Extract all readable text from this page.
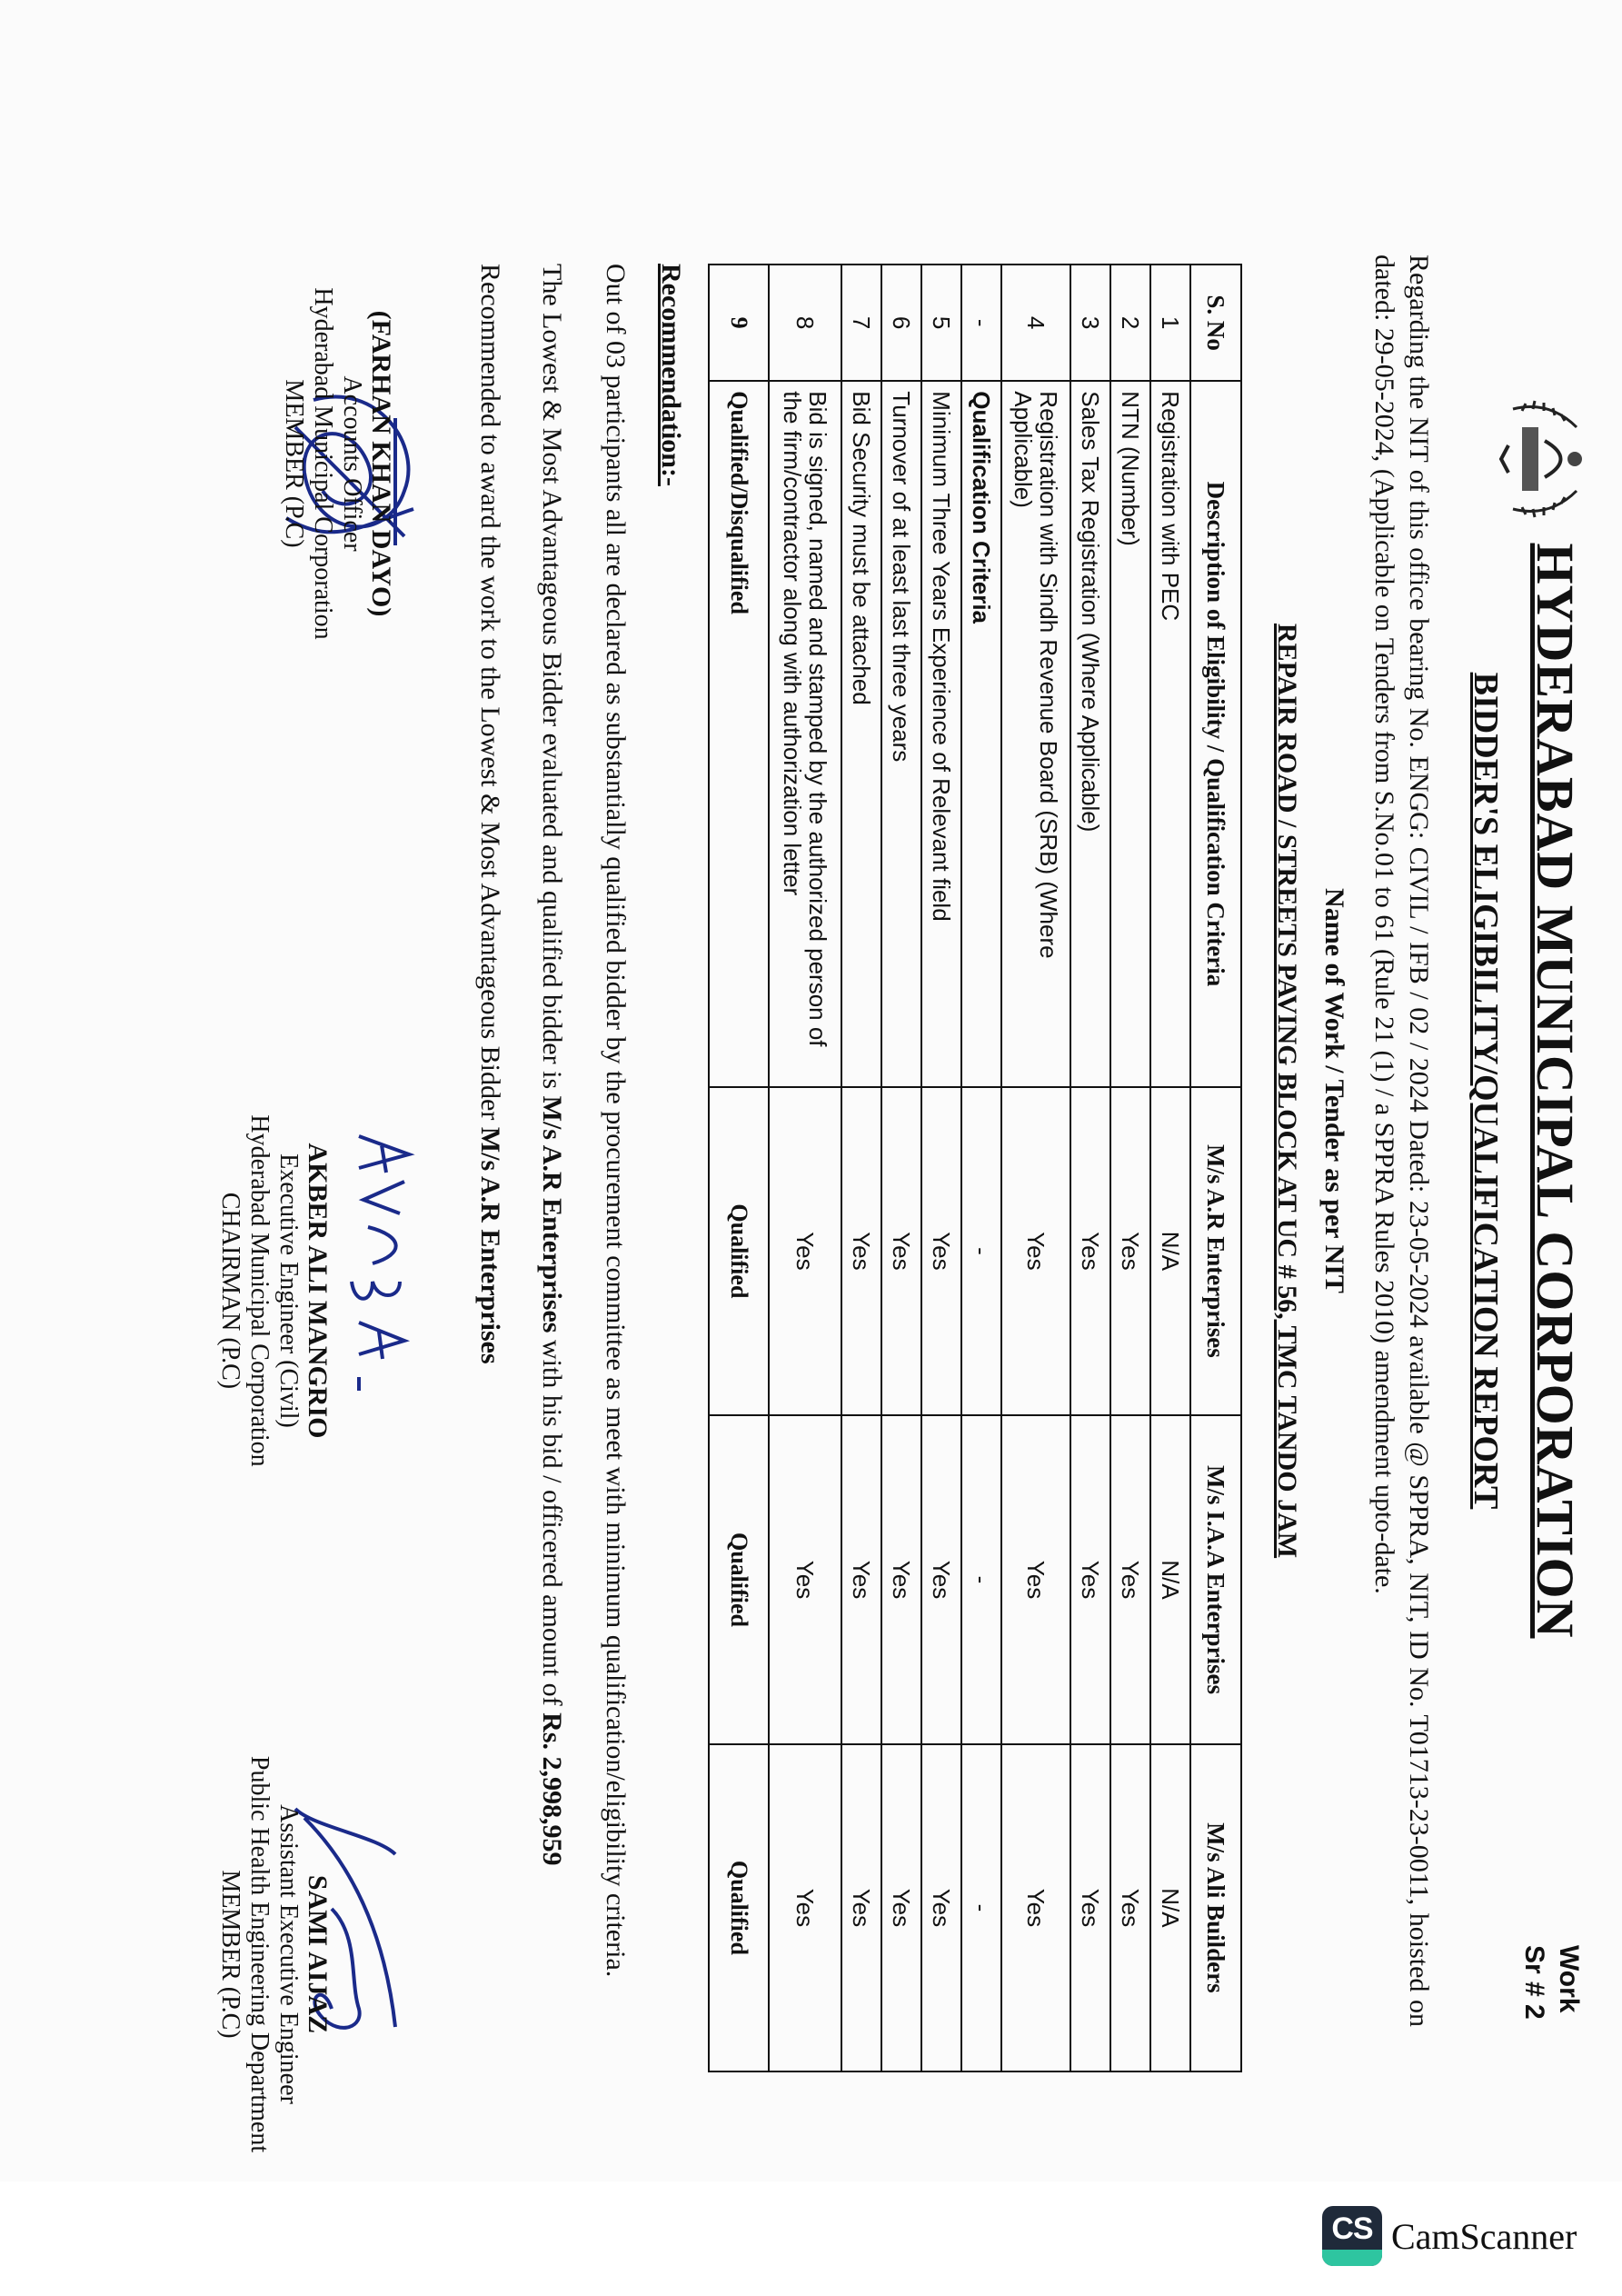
HYDERABAD MUNICIPAL CORPORATION
BIDDER'S ELIGIBILITY/QUALIFICATION REPORT
Work
Sr # 2
Regarding the NIT of this office bearing No. ENGG: CIVIL / IFB / 02 / 2024 Dated: 23-05-2024 available @ SPPRA, NIT, ID No. T01713-23-0011, hoisted on dated: 29-05-2024, (Applicable on Tenders from S.No.01 to 61 (Rule 21 (1) / a SPPRA Rules 2010) amendment upto-date.
Name of Work / Tender as per NIT
REPAIR ROAD / STREETS PAVING BLOCK AT UC # 56, TMC TANDO JAM
S. No	Description of Eligibility / Qualification Criteria	M/s A.R Enterprises	M/s I.A.A Enterprises	M/s Ali Builders
1	Registration with PEC	N/A	N/A	N/A
2	NTN (Number)	Yes	Yes	Yes
3	Sales Tax Registration (Where Applicable)	Yes	Yes	Yes
4	Registration with Sindh Revenue Board (SRB) (Where Applicable)	Yes	Yes	Yes
-	Qualification Criteria	-	-	-
5	Minimum Three Years Experience of Relevant field	Yes	Yes	Yes
6	Turnover of at least last three years	Yes	Yes	Yes
7	Bid Security must be attached	Yes	Yes	Yes
8	Bid is signed, named and stamped by the authorized person of the firm/contractor along with authorization letter	Yes	Yes	Yes
9	Qualified/Disqualified	Qualified	Qualified	Qualified
Recommendation:-
Out of 03 participants all are declared as substantially qualified bidder by the procurement committee as meet with minimum qualification/eligibility criteria.
The Lowest & Most Advantageous Bidder evaluated and qualified bidder is M/s A.R Enterprises with his bid / officered amount of Rs. 2,998,959
Recommended to award the work to the Lowest & Most Advantageous Bidder M/s A.R Enterprises
(FARHAN KHAN DAYO)
Accounts Officer
Hyderabad Municipal Corporation
MEMBER (P.C)
AKBER ALI MANGRIO
Executive Engineer (Civil)
Hyderabad Municipal Corporation
CHAIRMAN (P.C)
SAMI AIJAZ
Assistant Executive Engineer
Public Health Engineering Department
MEMBER (P.C)
CS CamScanner
